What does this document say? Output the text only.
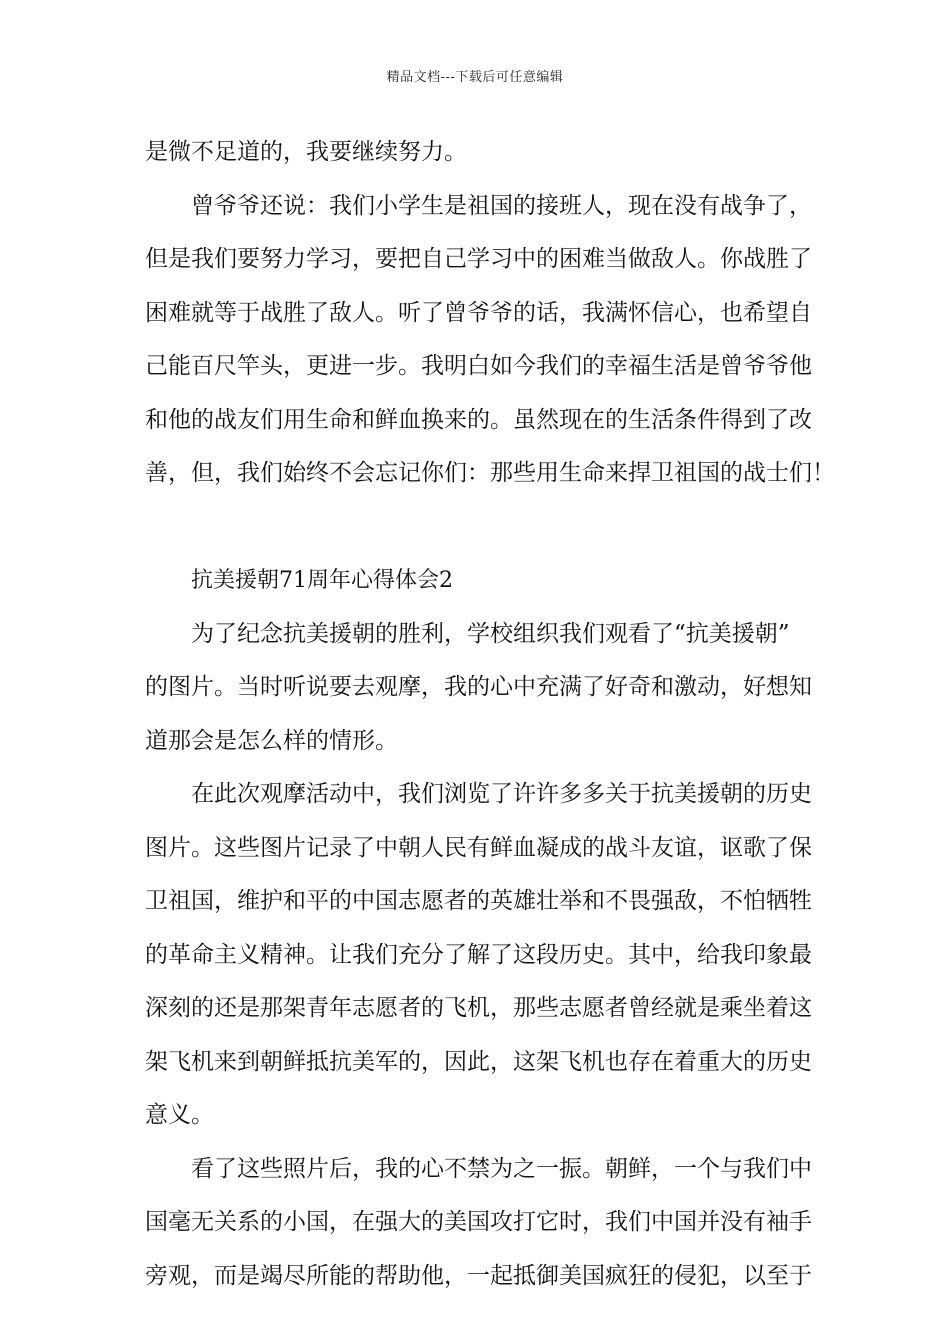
精品文档---下载后可任意编辑
是微不足道的，我要继续努力。
曾爷爷还说：我们小学生是祖国的接班人，现在没有战争了，
但是我们要努力学习，要把自己学习中的困难当做敌人。你战胜了
困难就等于战胜了敌人。听了曾爷爷的话，我满怀信心，也希望自
己能百尺竿头，更进一步。我明白如今我们的幸福生活是曾爷爷他
和他的战友们用生命和鲜血换来的。虽然现在的生活条件得到了改
善，但，我们始终不会忘记你们：那些用生命来捍卫祖国的战士们！
抗美援朝71周年心得体会2
为了纪念抗美援朝的胜利，学校组织我们观看了“抗美援朝”
的图片。当时听说要去观摩，我的心中充满了好奇和激动，好想知
道那会是怎么样的情形。
在此次观摩活动中，我们浏览了许许多多关于抗美援朝的历史
图片。这些图片记录了中朝人民有鲜血凝成的战斗友谊，讴歌了保
卫祖国，维护和平的中国志愿者的英雄壮举和不畏强敌，不怕牺牲
的革命主义精神。让我们充分了解了这段历史。其中，给我印象最
深刻的还是那架青年志愿者的飞机，那些志愿者曾经就是乘坐着这
架飞机来到朝鲜抵抗美军的，因此，这架飞机也存在着重大的历史
意义。
看了这些照片后，我的心不禁为之一振。朝鲜，一个与我们中
国毫无关系的小国，在强大的美国攻打它时，我们中国并没有袖手
旁观，而是竭尽所能的帮助他，一起抵御美国疯狂的侵犯，以至于
